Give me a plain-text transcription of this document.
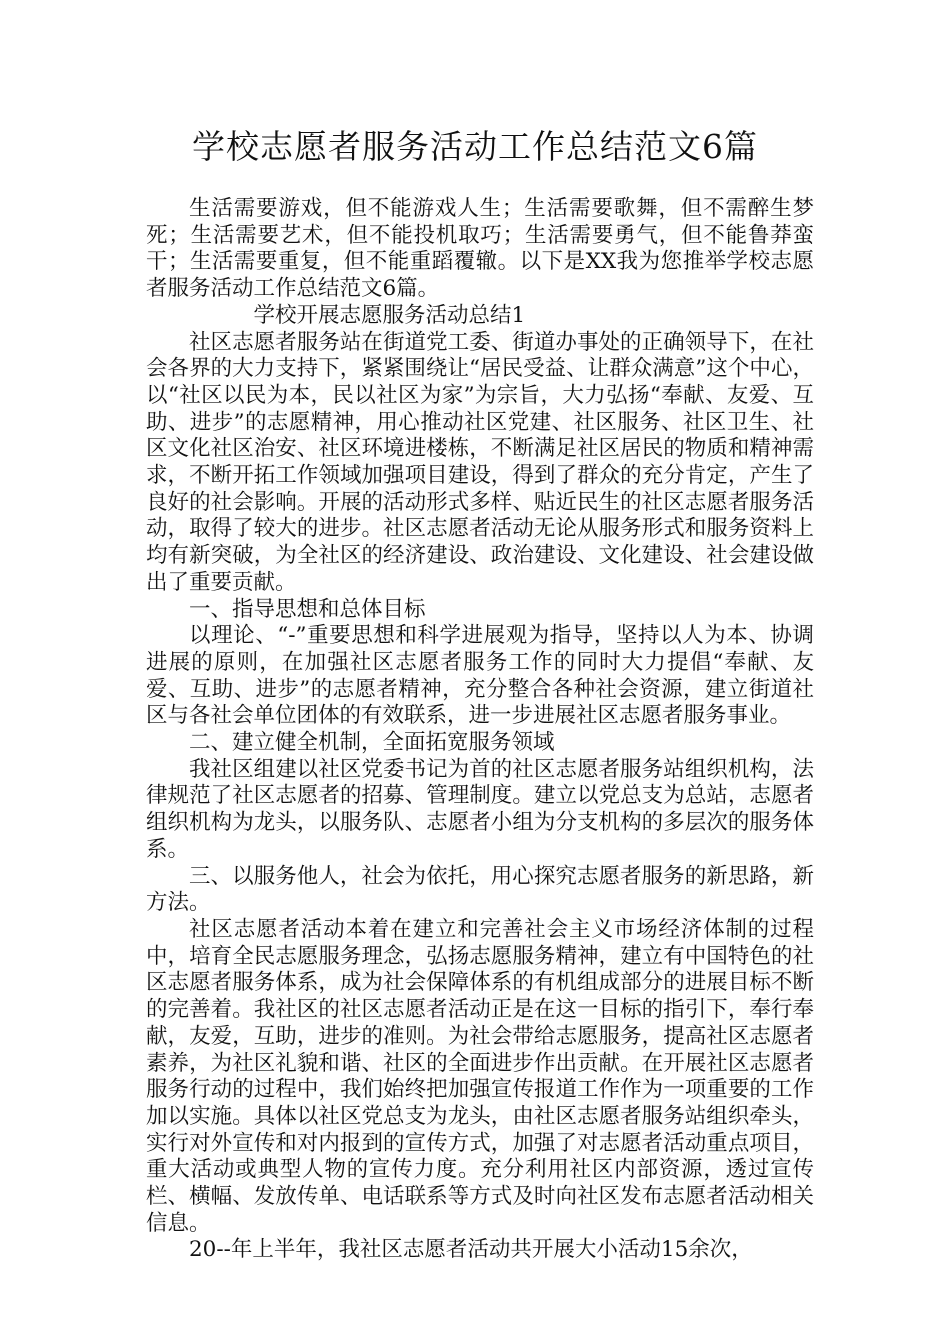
学校志愿者服务活动工作总结范文6篇

生活需要游戏，但不能游戏人生；生活需要歌舞，但不需醉生梦死；生活需要艺术，但不能投机取巧；生活需要勇气，但不能鲁莽蛮干；生活需要重复，但不能重蹈覆辙。以下是XX我为您推举学校志愿者服务活动工作总结范文6篇。

学校开展志愿服务活动总结1

社区志愿者服务站在街道党工委、街道办事处的正确领导下，在社会各界的大力支持下，紧紧围绕让“居民受益、让群众满意”这个中心，以“社区以民为本，民以社区为家”为宗旨，大力弘扬“奉献、友爱、互助、进步”的志愿精神，用心推动社区党建、社区服务、社区卫生、社区文化社区治安、社区环境进楼栋，不断满足社区居民的物质和精神需求，不断开拓工作领域加强项目建设，得到了群众的充分肯定，产生了良好的社会影响。开展的活动形式多样、贴近民生的社区志愿者服务活动，取得了较大的进步。社区志愿者活动无论从服务形式和服务资料上均有新突破，为全社区的经济建设、政治建设、文化建设、社会建设做出了重要贡献。

一、指导思想和总体目标

以理论、“-”重要思想和科学进展观为指导，坚持以人为本、协调进展的原则，在加强社区志愿者服务工作的同时大力提倡“奉献、友爱、互助、进步”的志愿者精神，充分整合各种社会资源，建立街道社区与各社会单位团体的有效联系，进一步进展社区志愿者服务事业。

二、建立健全机制，全面拓宽服务领域

我社区组建以社区党委书记为首的社区志愿者服务站组织机构，法律规范了社区志愿者的招募、管理制度。建立以党总支为总站，志愿者组织机构为龙头，以服务队、志愿者小组为分支机构的多层次的服务体系。

三、以服务他人，社会为依托，用心探究志愿者服务的新思路，新方法。

社区志愿者活动本着在建立和完善社会主义市场经济体制的过程中，培育全民志愿服务理念，弘扬志愿服务精神，建立有中国特色的社区志愿者服务体系，成为社会保障体系的有机组成部分的进展目标不断的完善着。我社区的社区志愿者活动正是在这一目标的指引下，奉行奉献，友爱，互助，进步的准则。为社会带给志愿服务，提高社区志愿者素养，为社区礼貌和谐、社区的全面进步作出贡献。在开展社区志愿者服务行动的过程中，我们始终把加强宣传报道工作作为一项重要的工作加以实施。具体以社区党总支为龙头，由社区志愿者服务站组织牵头，实行对外宣传和对内报到的宣传方式，加强了对志愿者活动重点项目，重大活动或典型人物的宣传力度。充分利用社区内部资源，透过宣传栏、横幅、发放传单、电话联系等方式及时向社区发布志愿者活动相关信息。

20--年上半年，我社区志愿者活动共开展大小活动15余次，
